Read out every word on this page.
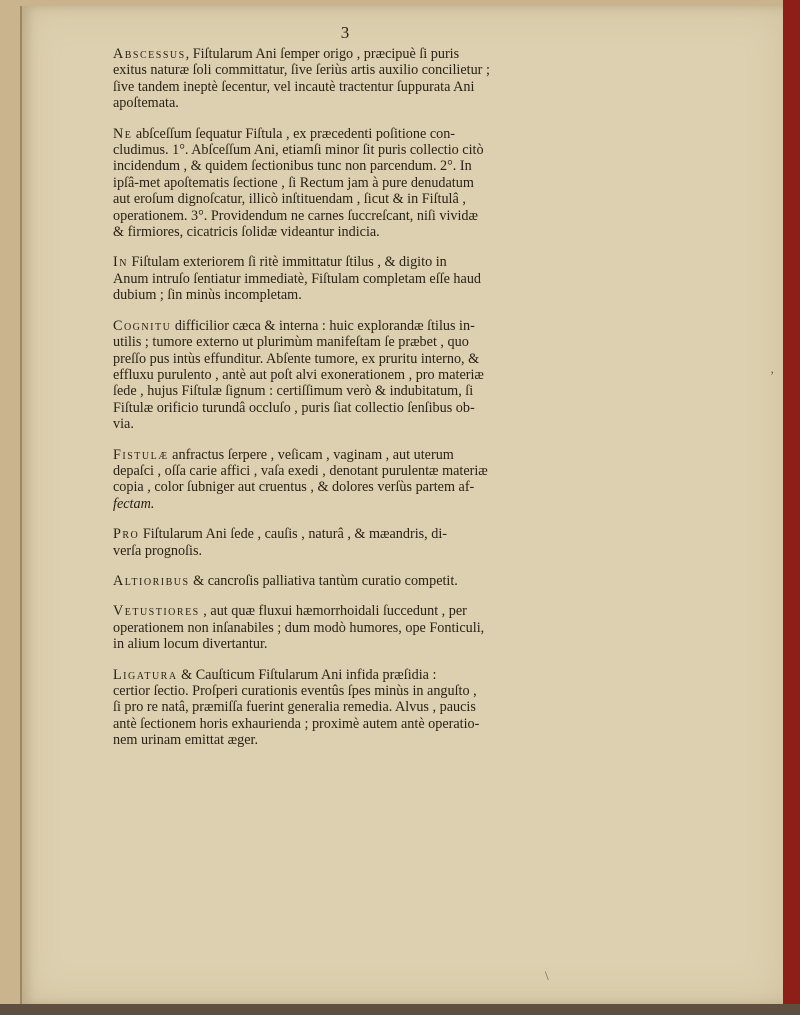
3

Abscessus, Fiſtularum Ani ſemper origo , præcipuè ſi puris
exitus naturæ ſoli committatur, ſive ſeriùs artis auxilio concilietur ;
ſive tandem ineptè ſecentur, vel incautè tractentur ſuppurata Ani
apoſtemata.

Ne abſceſſum ſequatur Fiſtula , ex præcedenti poſitione con-
cludimus. 1°. Abſceſſum Ani, etiamſi minor ſit puris collectio citò
incidendum , & quidem ſectionibus tunc non parcendum. 2°. In
ipſâ-met apoſtematis ſectione , ſi Rectum jam à pure denudatum
aut eroſum dignoſcatur, illicò inſtituendam , ſicut & in Fiſtulâ ,
operationem. 3°. Providendum ne carnes ſuccreſcant, niſi vividæ
& firmiores, cicatricis ſolidæ videantur indicia.

In Fiſtulam exteriorem ſi ritè immittatur ſtilus , & digito in
Anum intruſo ſentiatur immediatè, Fiſtulam completam eſſe haud
dubium ; ſin minùs incompletam.

Cognitu difficilior cæca & interna : huic explorandæ ſtilus in-
utilis ; tumore externo ut plurimùm manifeſtam ſe præbet , quo
preſſo pus intùs effunditur. Abſente tumore, ex pruritu interno, &
effluxu purulento , antè aut poſt alvi exonerationem , pro materiæ
ſede , hujus Fiſtulæ ſignum : certiſſimum verò & indubitatum, ſi
Fiſtulæ orificio turundâ occluſo , puris ſiat collectio ſenſibus ob-
via.

Fistulæ anfractus ſerpere , veſicam , vaginam , aut uterum
depaſci , oſſa carie affici , vaſa exedi , denotant purulentæ materiæ
copia , color ſubniger aut cruentus , & dolores verſùs partem af-
fectam.

Pro Fiſtularum Ani ſede , cauſis , naturâ , & mæandris, di-
verſa prognoſis.

Altioribus & cancroſis palliativa tantùm curatio competit.

Vetustiores , aut quæ fluxui hæmorrhoidali ſuccedunt , per
operationem non inſanabiles ; dum modò humores, ope Fonticuli,
in alium locum divertantur.

Ligatura & Cauſticum Fiſtularum Ani infida præſidia :
certior ſectio. Proſperi curationis eventûs ſpes minùs in anguſto ,
ſi pro re natâ, præmiſſa fuerint generalia remedia. Alvus , paucis
antè ſectionem horis exhaurienda ; proximè autem antè operatio-
nem urinam emittat æger.

ʼ
\
